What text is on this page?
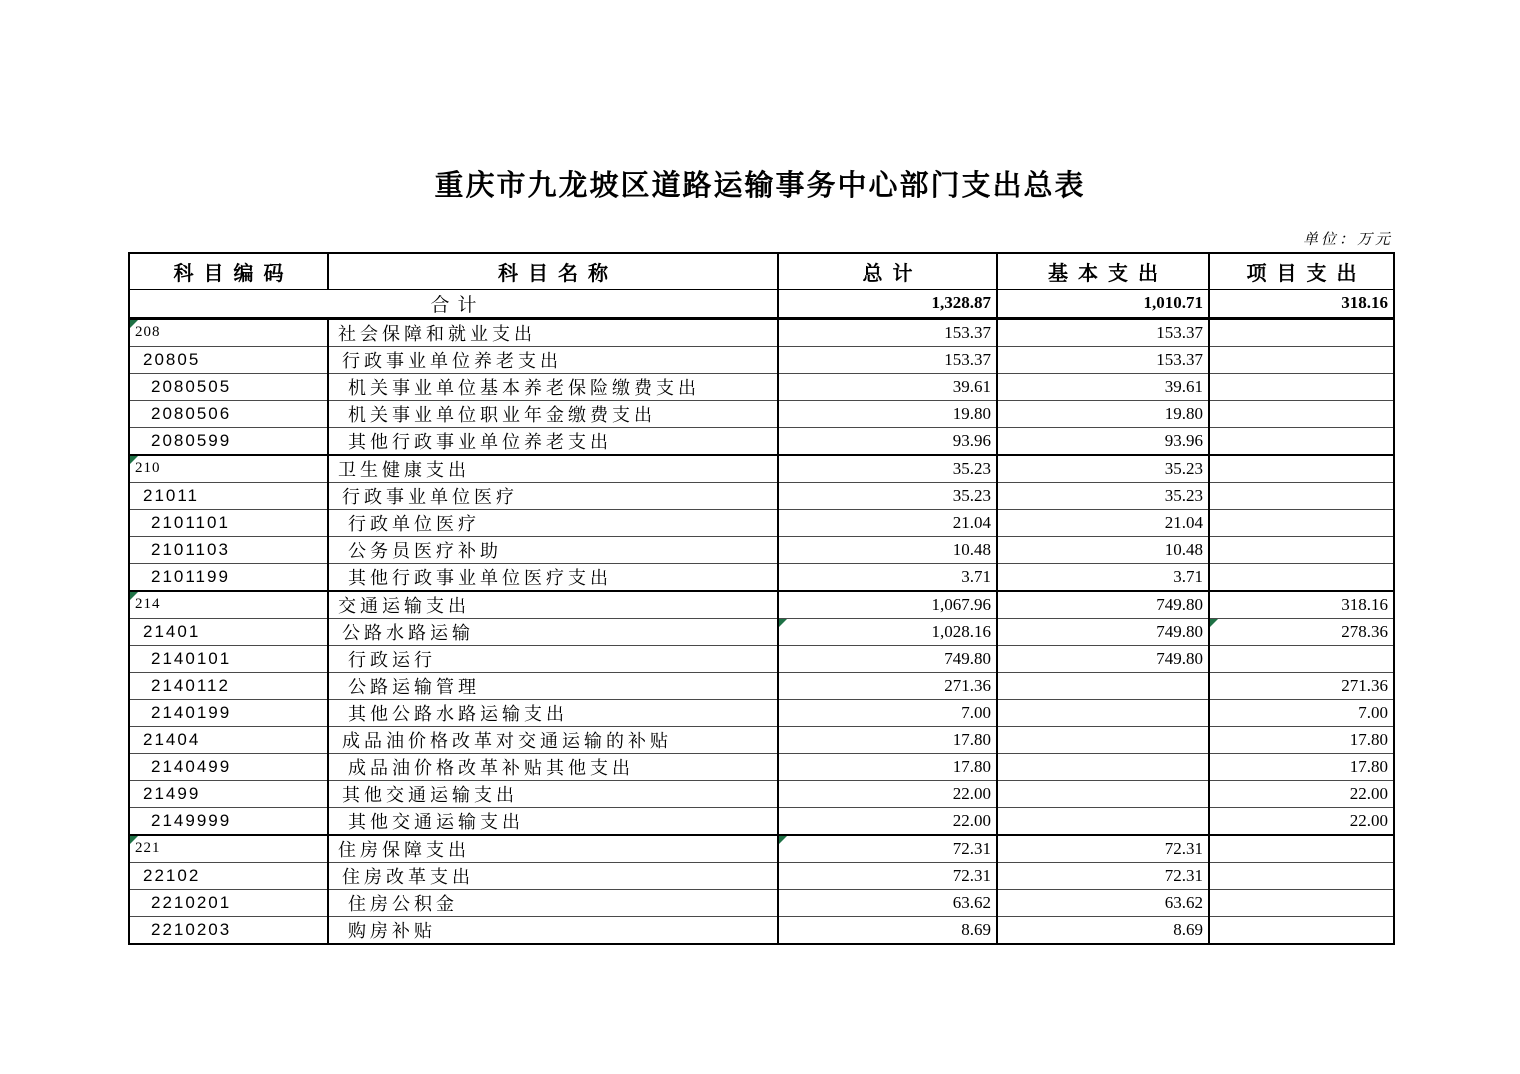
重庆市九龙坡区道路运输事务中心部门支出总表
单位：万元
科目编码	科目名称	总计	基本支出	项目支出
合计		1,328.87	1,010.71	318.16
208	社会保障和就业支出	153.37	153.37	
20805	行政事业单位养老支出	153.37	153.37	
2080505	机关事业单位基本养老保险缴费支出	39.61	39.61	
2080506	机关事业单位职业年金缴费支出	19.80	19.80	
2080599	其他行政事业单位养老支出	93.96	93.96	
210	卫生健康支出	35.23	35.23	
21011	行政事业单位医疗	35.23	35.23	
2101101	行政单位医疗	21.04	21.04	
2101103	公务员医疗补助	10.48	10.48	
2101199	其他行政事业单位医疗支出	3.71	3.71	
214	交通运输支出	1,067.96	749.80	318.16
21401	公路水路运输	1,028.16	749.80	278.36

2140101	行政运行	749.80	749.80	
2140112	公路运输管理	271.36		271.36
2140199	其他公路水路运输支出	7.00		7.00
21404	成品油价格改革对交通运输的补贴	17.80		17.80
2140499	成品油价格改革补贴其他支出	17.80		17.80
21499	其他交通运输支出	22.00		22.00
2149999	其他交通运输支出	22.00		22.00
221	住房保障支出	72.31	72.31	
22102	住房改革支出	72.31	72.31	
2210201	住房公积金	63.62	63.62	
2210203	购房补贴	8.69	8.69	
